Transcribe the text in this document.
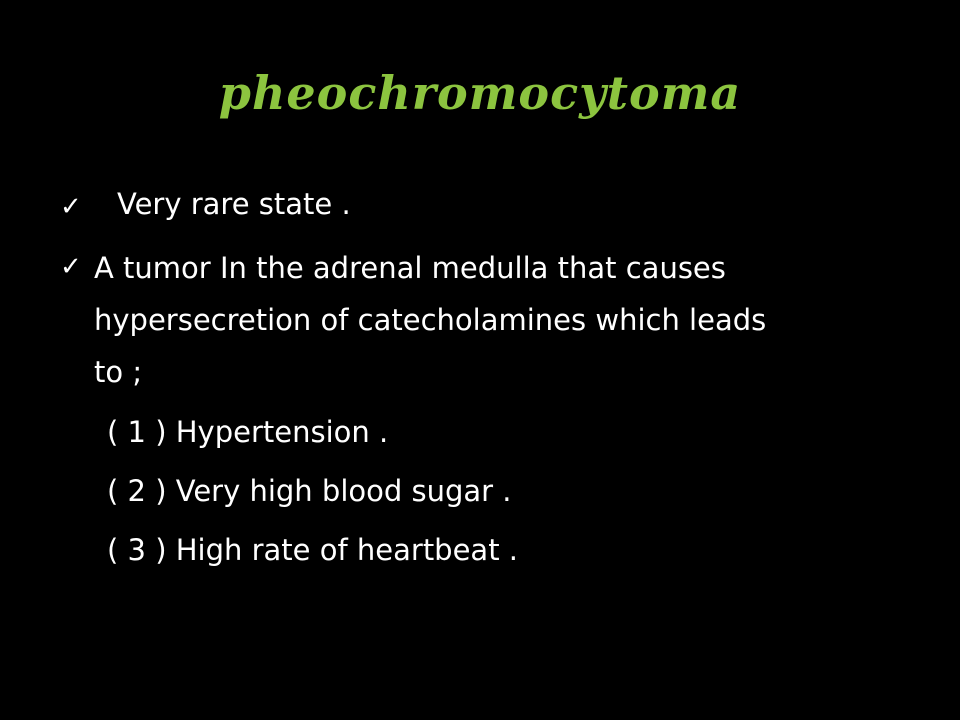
pheochromocytoma
✓ Very rare state .
✓ A tumor In the adrenal medulla that causes
hypersecretion of catecholamines which leads
to ;
( 1 ) Hypertension .
( 2 ) Very high blood sugar .
( 3 ) High rate of heartbeat .
